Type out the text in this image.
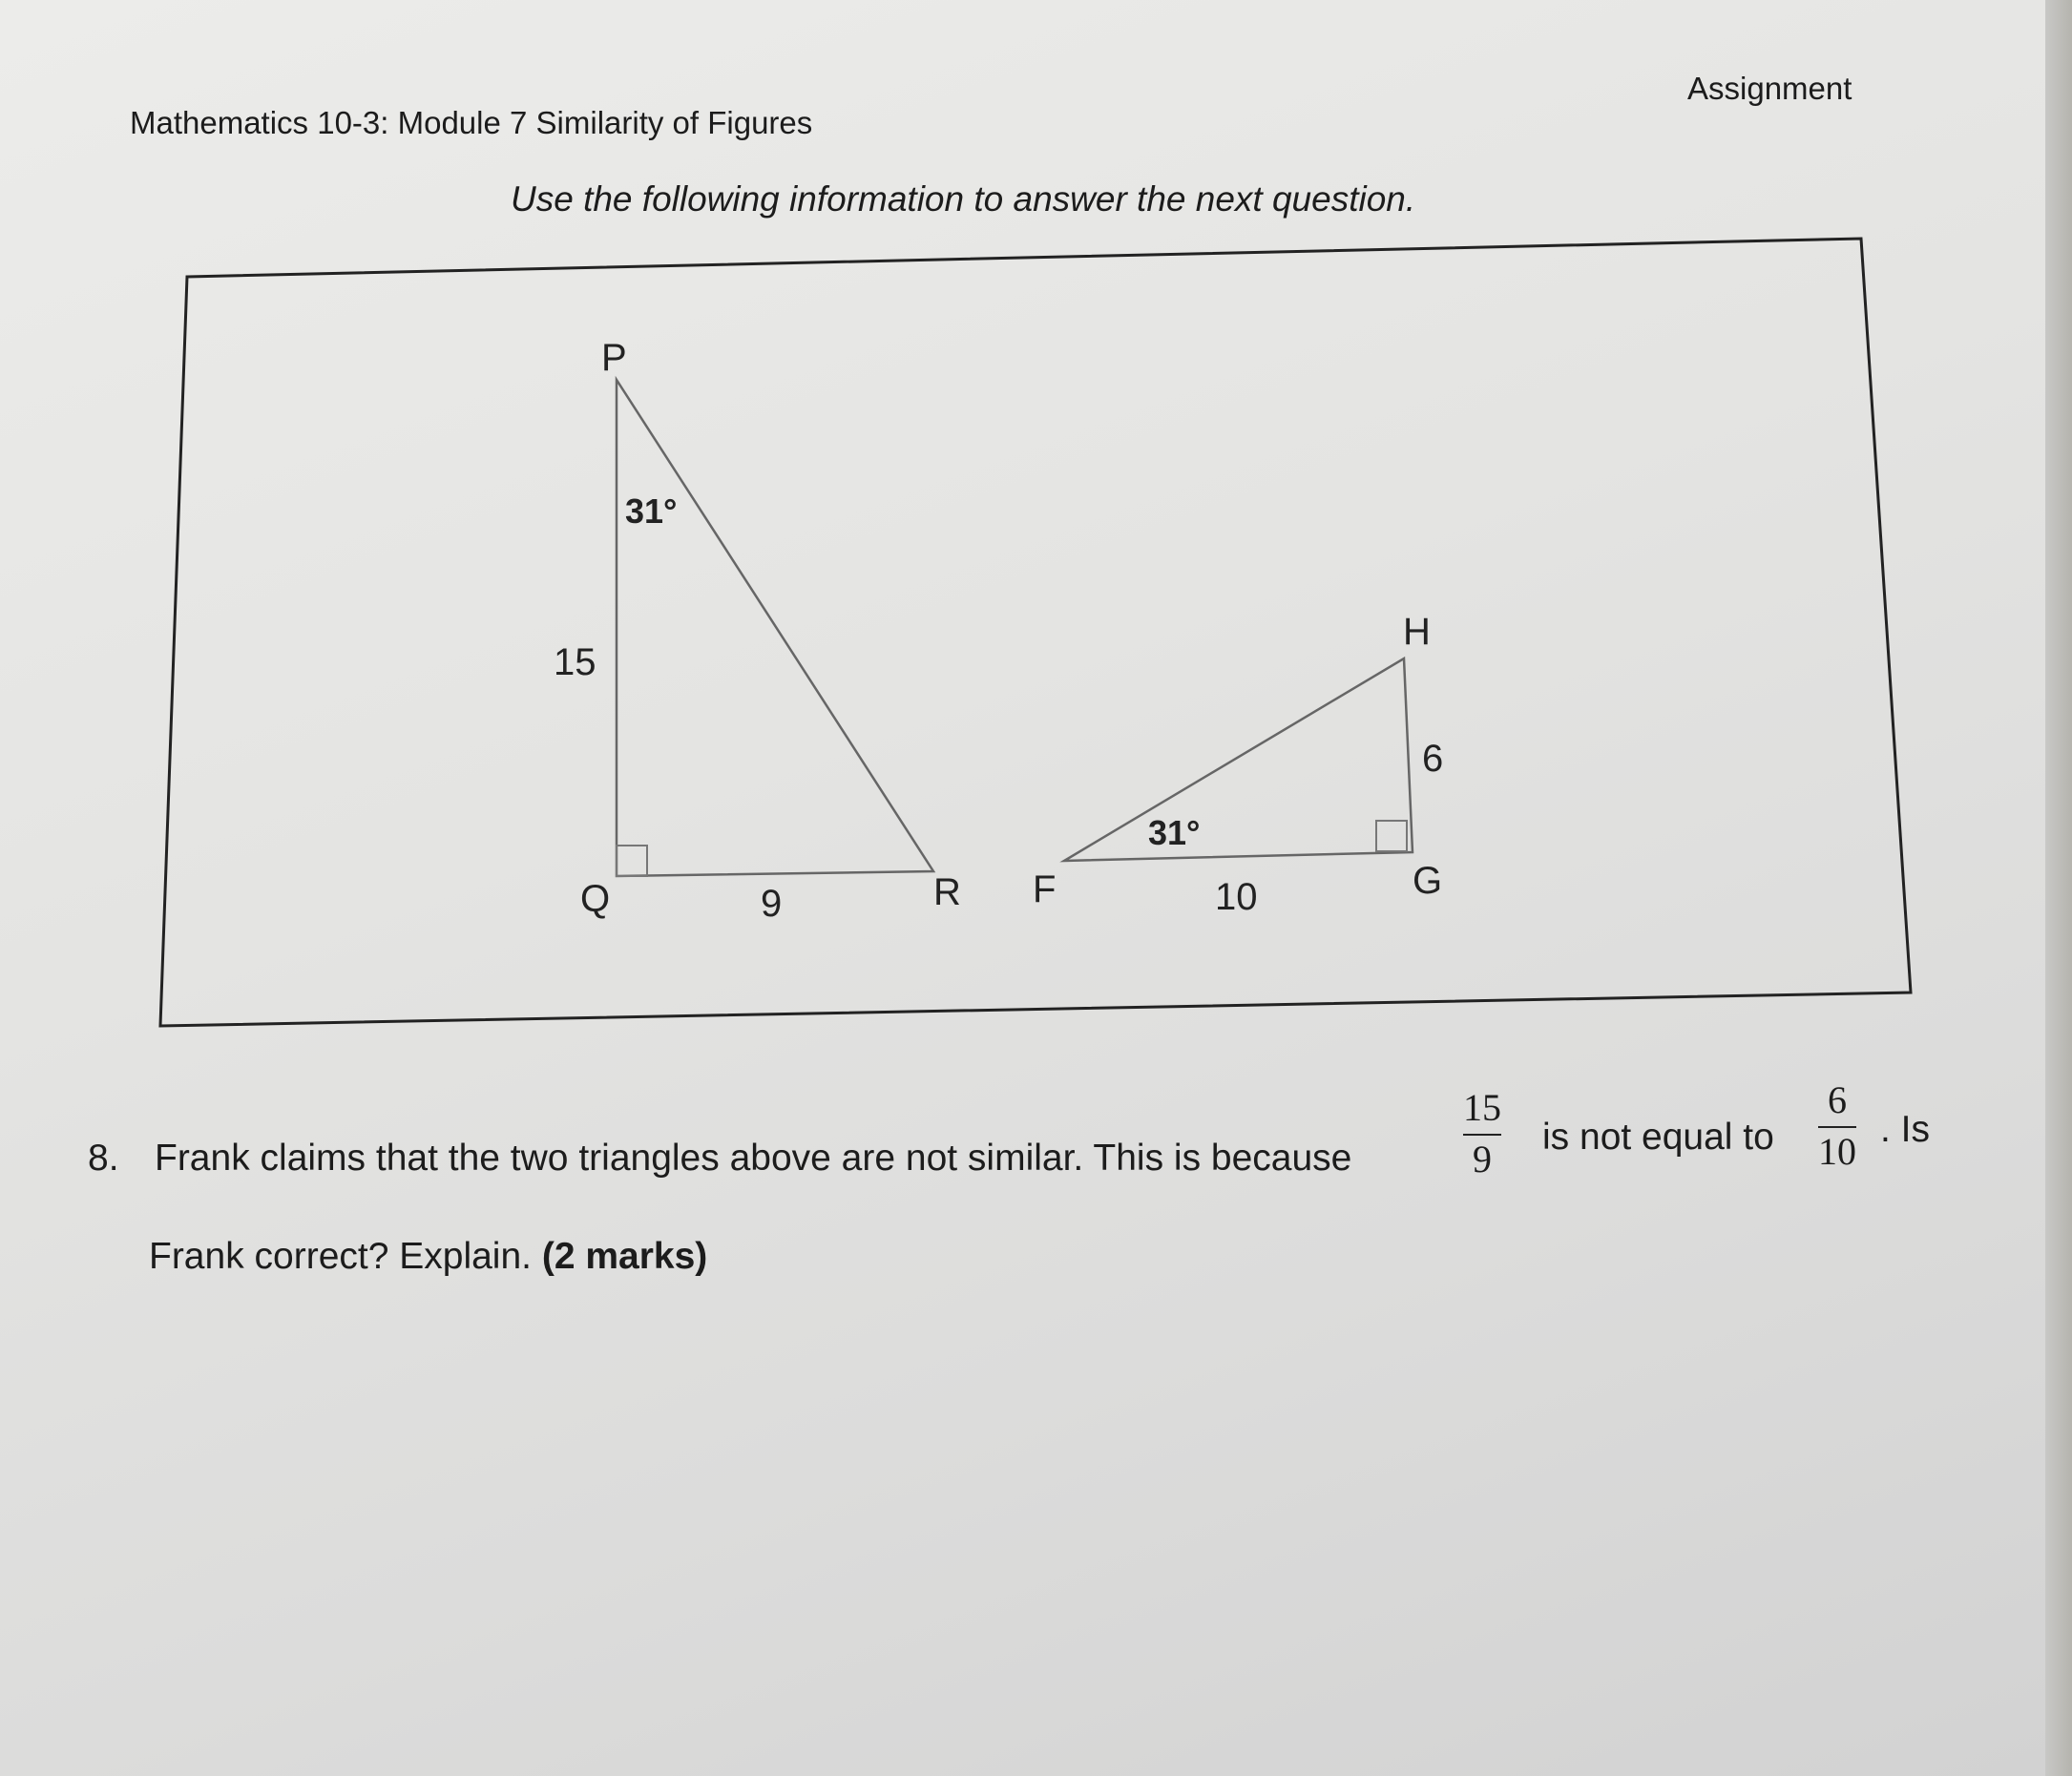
Mathematics 10-3: Module 7 Similarity of Figures
Assignment
Use the following information to answer the next question.
P
Q	R
31°
15
9	F	G
H
31°
6
10
8. Frank claims that the two triangles above are not similar. This is because
15
9
is not equal to
6
10
. Is
Frank correct? Explain. (2 marks)
